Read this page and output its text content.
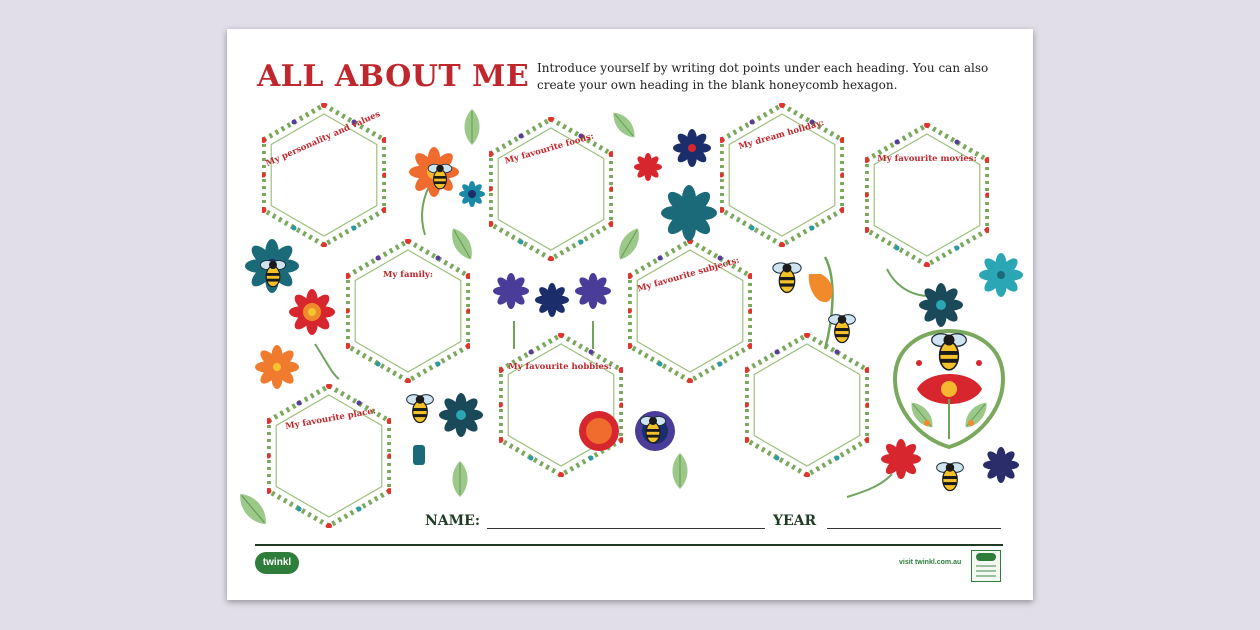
ALL ABOUT ME Introduce yourself by writing dot points under each heading. You can also create your own heading in the blank honeycomb hexagon.

My personality and values	My favourite foods:	My dream holiday:
My favourite movies:
My family:	My favourite subjects:
My favourite hobbies:
My favourite place:
NAME:	YEAR
twinkl	visit twinkl.com.au
